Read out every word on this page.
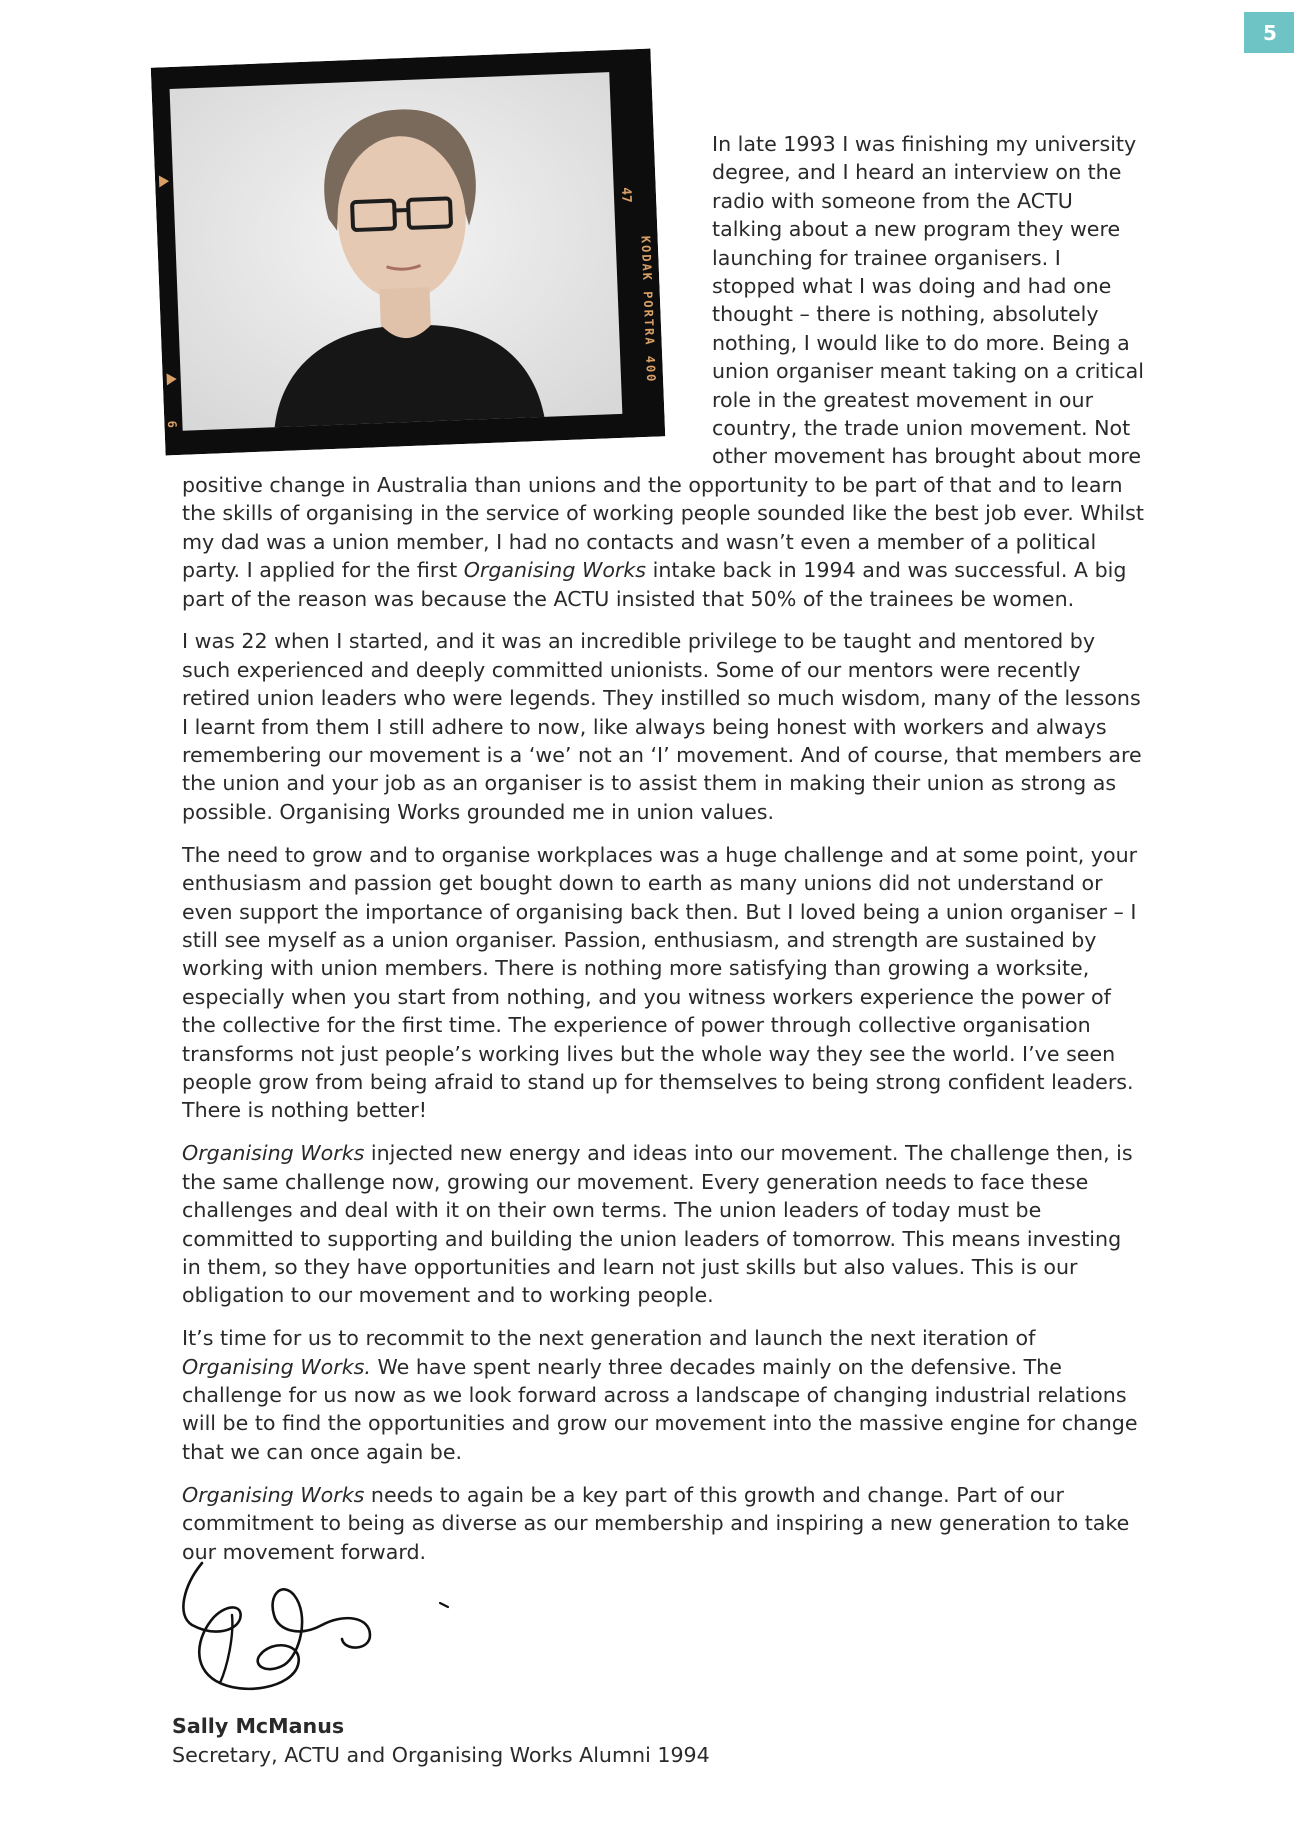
5
47
KODAK PORTRA 400
6

In late 1993 I was finishing my university degree, and I heard an interview on the radio with someone from the ACTU talking about a new program they were launching for trainee organisers. I stopped what I was doing and had one thought – there is nothing, absolutely nothing, I would like to do more. Being a union organiser meant taking on a critical role in the greatest movement in our country, the trade union movement. Not other movement has brought about more positive change in Australia than unions and the opportunity to be part of that and to learn the skills of organising in the service of working people sounded like the best job ever. Whilst my dad was a union member, I had no contacts and wasn’t even a member of a political party. I applied for the first Organising Works intake back in 1994 and was successful. A big part of the reason was because the ACTU insisted that 50% of the trainees be women.

I was 22 when I started, and it was an incredible privilege to be taught and mentored by such experienced and deeply committed unionists. Some of our mentors were recently retired union leaders who were legends. They instilled so much wisdom, many of the lessons I learnt from them I still adhere to now, like always being honest with workers and always remembering our movement is a ‘we’ not an ‘I’ movement. And of course, that members are the union and your job as an organiser is to assist them in making their union as strong as possible. Organising Works grounded me in union values.

The need to grow and to organise workplaces was a huge challenge and at some point, your enthusiasm and passion get bought down to earth as many unions did not understand or even support the importance of organising back then. But I loved being a union organiser – I still see myself as a union organiser. Passion, enthusiasm, and strength are sustained by working with union members. There is nothing more satisfying than growing a worksite, especially when you start from nothing, and you witness workers experience the power of the collective for the first time. The experience of power through collective organisation transforms not just people’s working lives but the whole way they see the world. I’ve seen people grow from being afraid to stand up for themselves to being strong confident leaders. There is nothing better!

Organising Works injected new energy and ideas into our movement. The challenge then, is the same challenge now, growing our movement. Every generation needs to face these challenges and deal with it on their own terms. The union leaders of today must be committed to supporting and building the union leaders of tomorrow. This means investing in them, so they have opportunities and learn not just skills but also values. This is our obligation to our movement and to working people.

It’s time for us to recommit to the next generation and launch the next iteration of Organising Works. We have spent nearly three decades mainly on the defensive. The challenge for us now as we look forward across a landscape of changing industrial relations will be to find the opportunities and grow our movement into the massive engine for change that we can once again be.

Organising Works needs to again be a key part of this growth and change. Part of our commitment to being as diverse as our membership and inspiring a new generation to take our movement forward.

Sally McManus
Secretary, ACTU and Organising Works Alumni 1994
